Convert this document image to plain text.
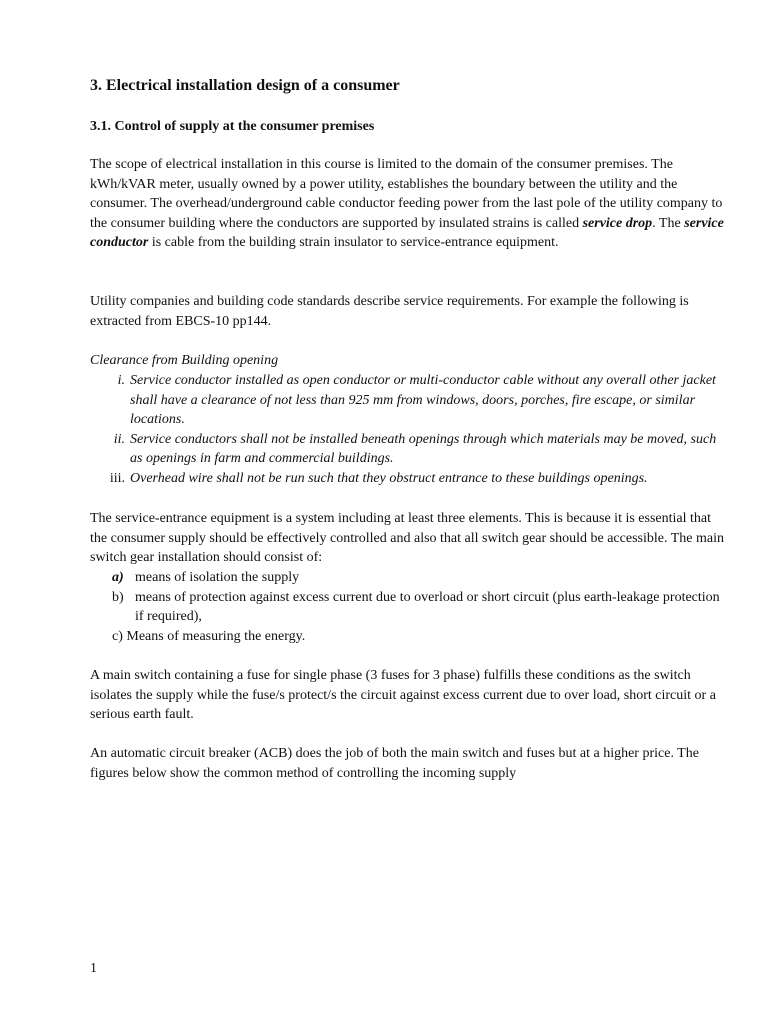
3. Electrical installation design of a consumer
3.1. Control of supply at the consumer premises

The scope of electrical installation in this course is limited to the domain of the consumer premises. The kWh/kVAR meter, usually owned by a power utility, establishes the boundary between the utility and the consumer. The overhead/underground cable conductor feeding power from the last pole of the utility company to the consumer building where the conductors are supported by insulated strains is called service drop. The service conductor is cable from the building strain insulator to service-entrance equipment.

Utility companies and building code standards describe service requirements. For example the following is extracted from EBCS-10 pp144.

Clearance from Building opening

i. Service conductor installed as open conductor or multi-conductor cable without any overall other jacket shall have a clearance of not less than 925 mm from windows, doors, porches, fire escape, or similar locations.
ii. Service conductors shall not be installed beneath openings through which materials may be moved, such as openings in farm and commercial buildings.
iii. Overhead wire shall not be run such that they obstruct entrance to these buildings openings.

The service-entrance equipment is a system including at least three elements. This is because it is essential that the consumer supply should be effectively controlled and also that all switch gear should be accessible. The main switch gear installation should consist of:

a) means of isolation the supply
b) means of protection against excess current due to overload or short circuit (plus earth-leakage protection if required),
c) Means of measuring the energy.

A main switch containing a fuse for single phase (3 fuses for 3 phase) fulfills these conditions as the switch isolates the supply while the fuse/s protect/s the circuit against excess current due to over load, short circuit or a serious earth fault.

An automatic circuit breaker (ACB) does the job of both the main switch and fuses but at a higher price. The figures below show the common method of controlling the incoming supply

1
